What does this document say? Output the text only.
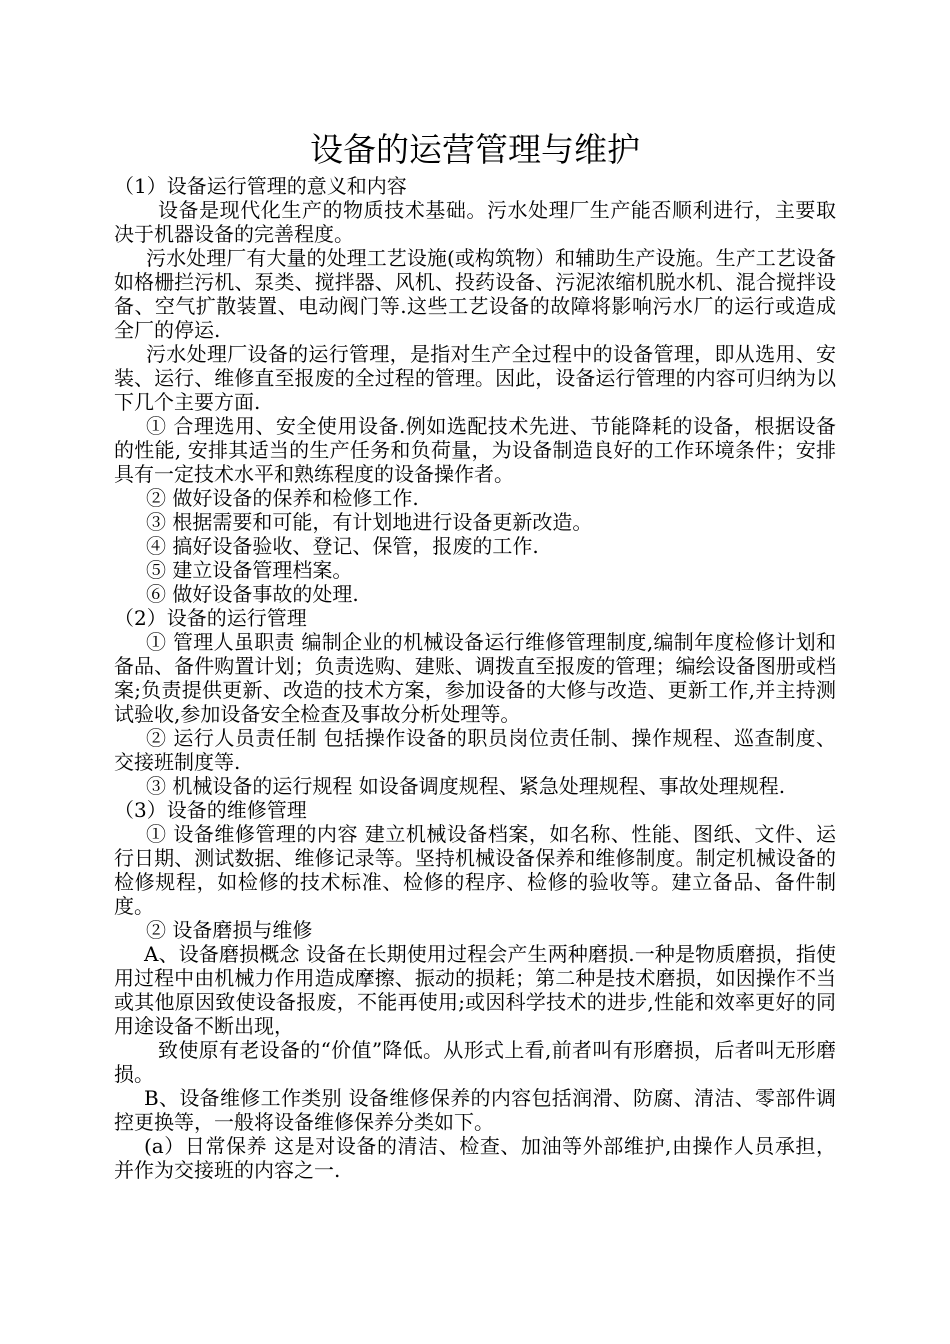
设备的运营管理与维护

（1）设备运行管理的意义和内容

设备是现代化生产的物质技术基础。污水处理厂生产能否顺利进行，主要取决于机器设备的完善程度。

污水处理厂有大量的处理工艺设施(或构筑物）和辅助生产设施。生产工艺设备如格栅拦污机、泵类、搅拌器、风机、投药设备、污泥浓缩机脱水机、混合搅拌设备、空气扩散装置、电动阀门等.这些工艺设备的故障将影响污水厂的运行或造成全厂的停运.

污水处理厂设备的运行管理，是指对生产全过程中的设备管理，即从选用、安装、运行、维修直至报废的全过程的管理。因此，设备运行管理的内容可归纳为以下几个主要方面.

① 合理选用、安全使用设备.例如选配技术先进、节能降耗的设备，根据设备的性能, 安排其适当的生产任务和负荷量，为设备制造良好的工作环境条件；安排具有一定技术水平和熟练程度的设备操作者。

② 做好设备的保养和检修工作.

③ 根据需要和可能，有计划地进行设备更新改造。

④ 搞好设备验收、登记、保管，报废的工作.

⑤ 建立设备管理档案。

⑥ 做好设备事故的处理.

（2）设备的运行管理

① 管理人虽职责 编制企业的机械设备运行维修管理制度,编制年度检修计划和备品、备件购置计划；负责选购、建账、调拨直至报废的管理；编绘设备图册或档案;负责提供更新、改造的技术方案，参加设备的大修与改造、更新工作,并主持测试验收,参加设备安全检查及事故分析处理等。

② 运行人员责任制 包括操作设备的职员岗位责任制、操作规程、巡查制度、交接班制度等.

③ 机械设备的运行规程 如设备调度规程、紧急处理规程、事故处理规程.

（3）设备的维修管理

① 设备维修管理的内容 建立机械设备档案，如名称、性能、图纸、文件、运行日期、测试数据、维修记录等。坚持机械设备保养和维修制度。制定机械设备的检修规程，如检修的技术标准、检修的程序、检修的验收等。建立备品、备件制度。

② 设备磨损与维修

A、设备磨损概念 设备在长期使用过程会产生两种磨损.一种是物质磨损，指使用过程中由机械力作用造成摩擦、振动的损耗；第二种是技术磨损，如因操作不当或其他原因致使设备报废，不能再使用;或因科学技术的进步,性能和效率更好的同用途设备不断出现，

致使原有老设备的“价值”降低。从形式上看,前者叫有形磨损，后者叫无形磨损。

B、设备维修工作类别 设备维修保养的内容包括润滑、防腐、清洁、零部件调控更换等，一般将设备维修保养分类如下。

(a）日常保养 这是对设备的清洁、检查、加油等外部维护,由操作人员承担，并作为交接班的内容之一.
